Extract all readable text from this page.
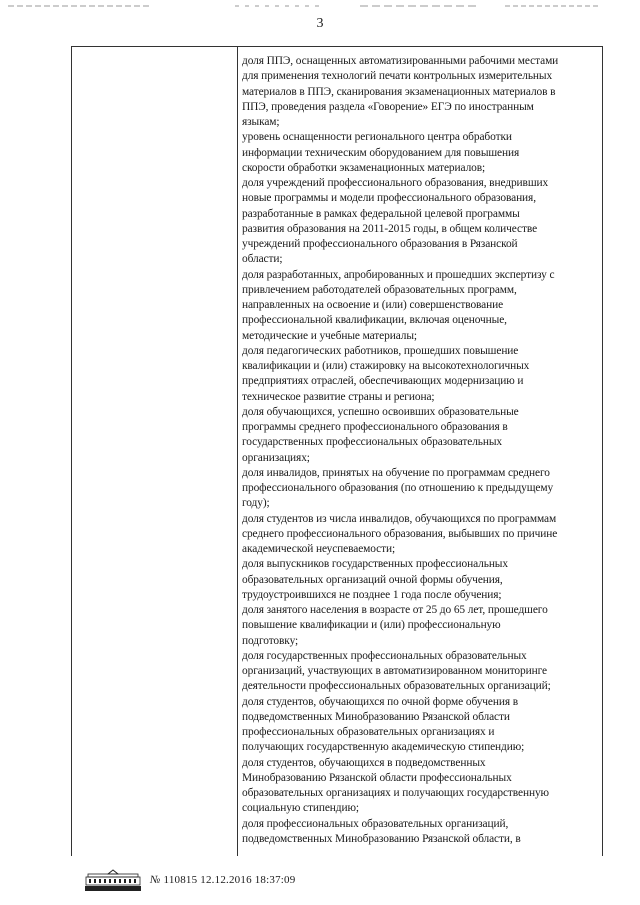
3
доля ППЭ, оснащенных автоматизированными рабочими местами
для применения технологий печати контрольных измерительных
материалов в ППЭ, сканирования экзаменационных материалов в
ППЭ, проведения раздела «Говорение» ЕГЭ по иностранным
языкам;
уровень оснащенности регионального центра обработки
информации техническим оборудованием для повышения
скорости обработки экзаменационных материалов;
доля учреждений профессионального образования, внедривших
новые программы и модели профессионального образования,
разработанные в рамках федеральной целевой программы
развития образования на 2011-2015 годы, в общем количестве
учреждений профессионального образования в Рязанской
области;
доля разработанных, апробированных и прошедших экспертизу с
привлечением работодателей образовательных программ,
направленных на освоение и (или) совершенствование
профессиональной квалификации, включая оценочные,
методические и учебные материалы;
доля педагогических работников, прошедших повышение
квалификации и (или) стажировку на высокотехнологичных
предприятиях отраслей, обеспечивающих модернизацию и
техническое развитие страны и региона;
доля обучающихся, успешно освоивших образовательные
программы среднего профессионального образования в
государственных профессиональных образовательных
организациях;
доля инвалидов, принятых на обучение по программам среднего
профессионального образования (по отношению к предыдущему
году);
доля студентов из числа инвалидов, обучающихся по программам
среднего профессионального образования, выбывших по причине
академической неуспеваемости;
доля выпускников государственных профессиональных
образовательных организаций очной формы обучения,
трудоустроившихся не позднее 1 года после обучения;
доля занятого населения в возрасте от 25 до 65 лет, прошедшего
повышение квалификации и (или) профессиональную
подготовку;
доля государственных профессиональных образовательных
организаций, участвующих в автоматизированном мониторинге
деятельности профессиональных образовательных организаций;
доля студентов, обучающихся по очной форме обучения в
подведомственных Минобразованию Рязанской области
профессиональных образовательных организациях и
получающих государственную академическую стипендию;
доля студентов, обучающихся в подведомственных
Минобразованию Рязанской области профессиональных
образовательных организациях и получающих государственную
социальную стипендию;
доля профессиональных образовательных организаций,
подведомственных Минобразованию Рязанской области, в
№ 110815 12.12.2016 18:37:09
